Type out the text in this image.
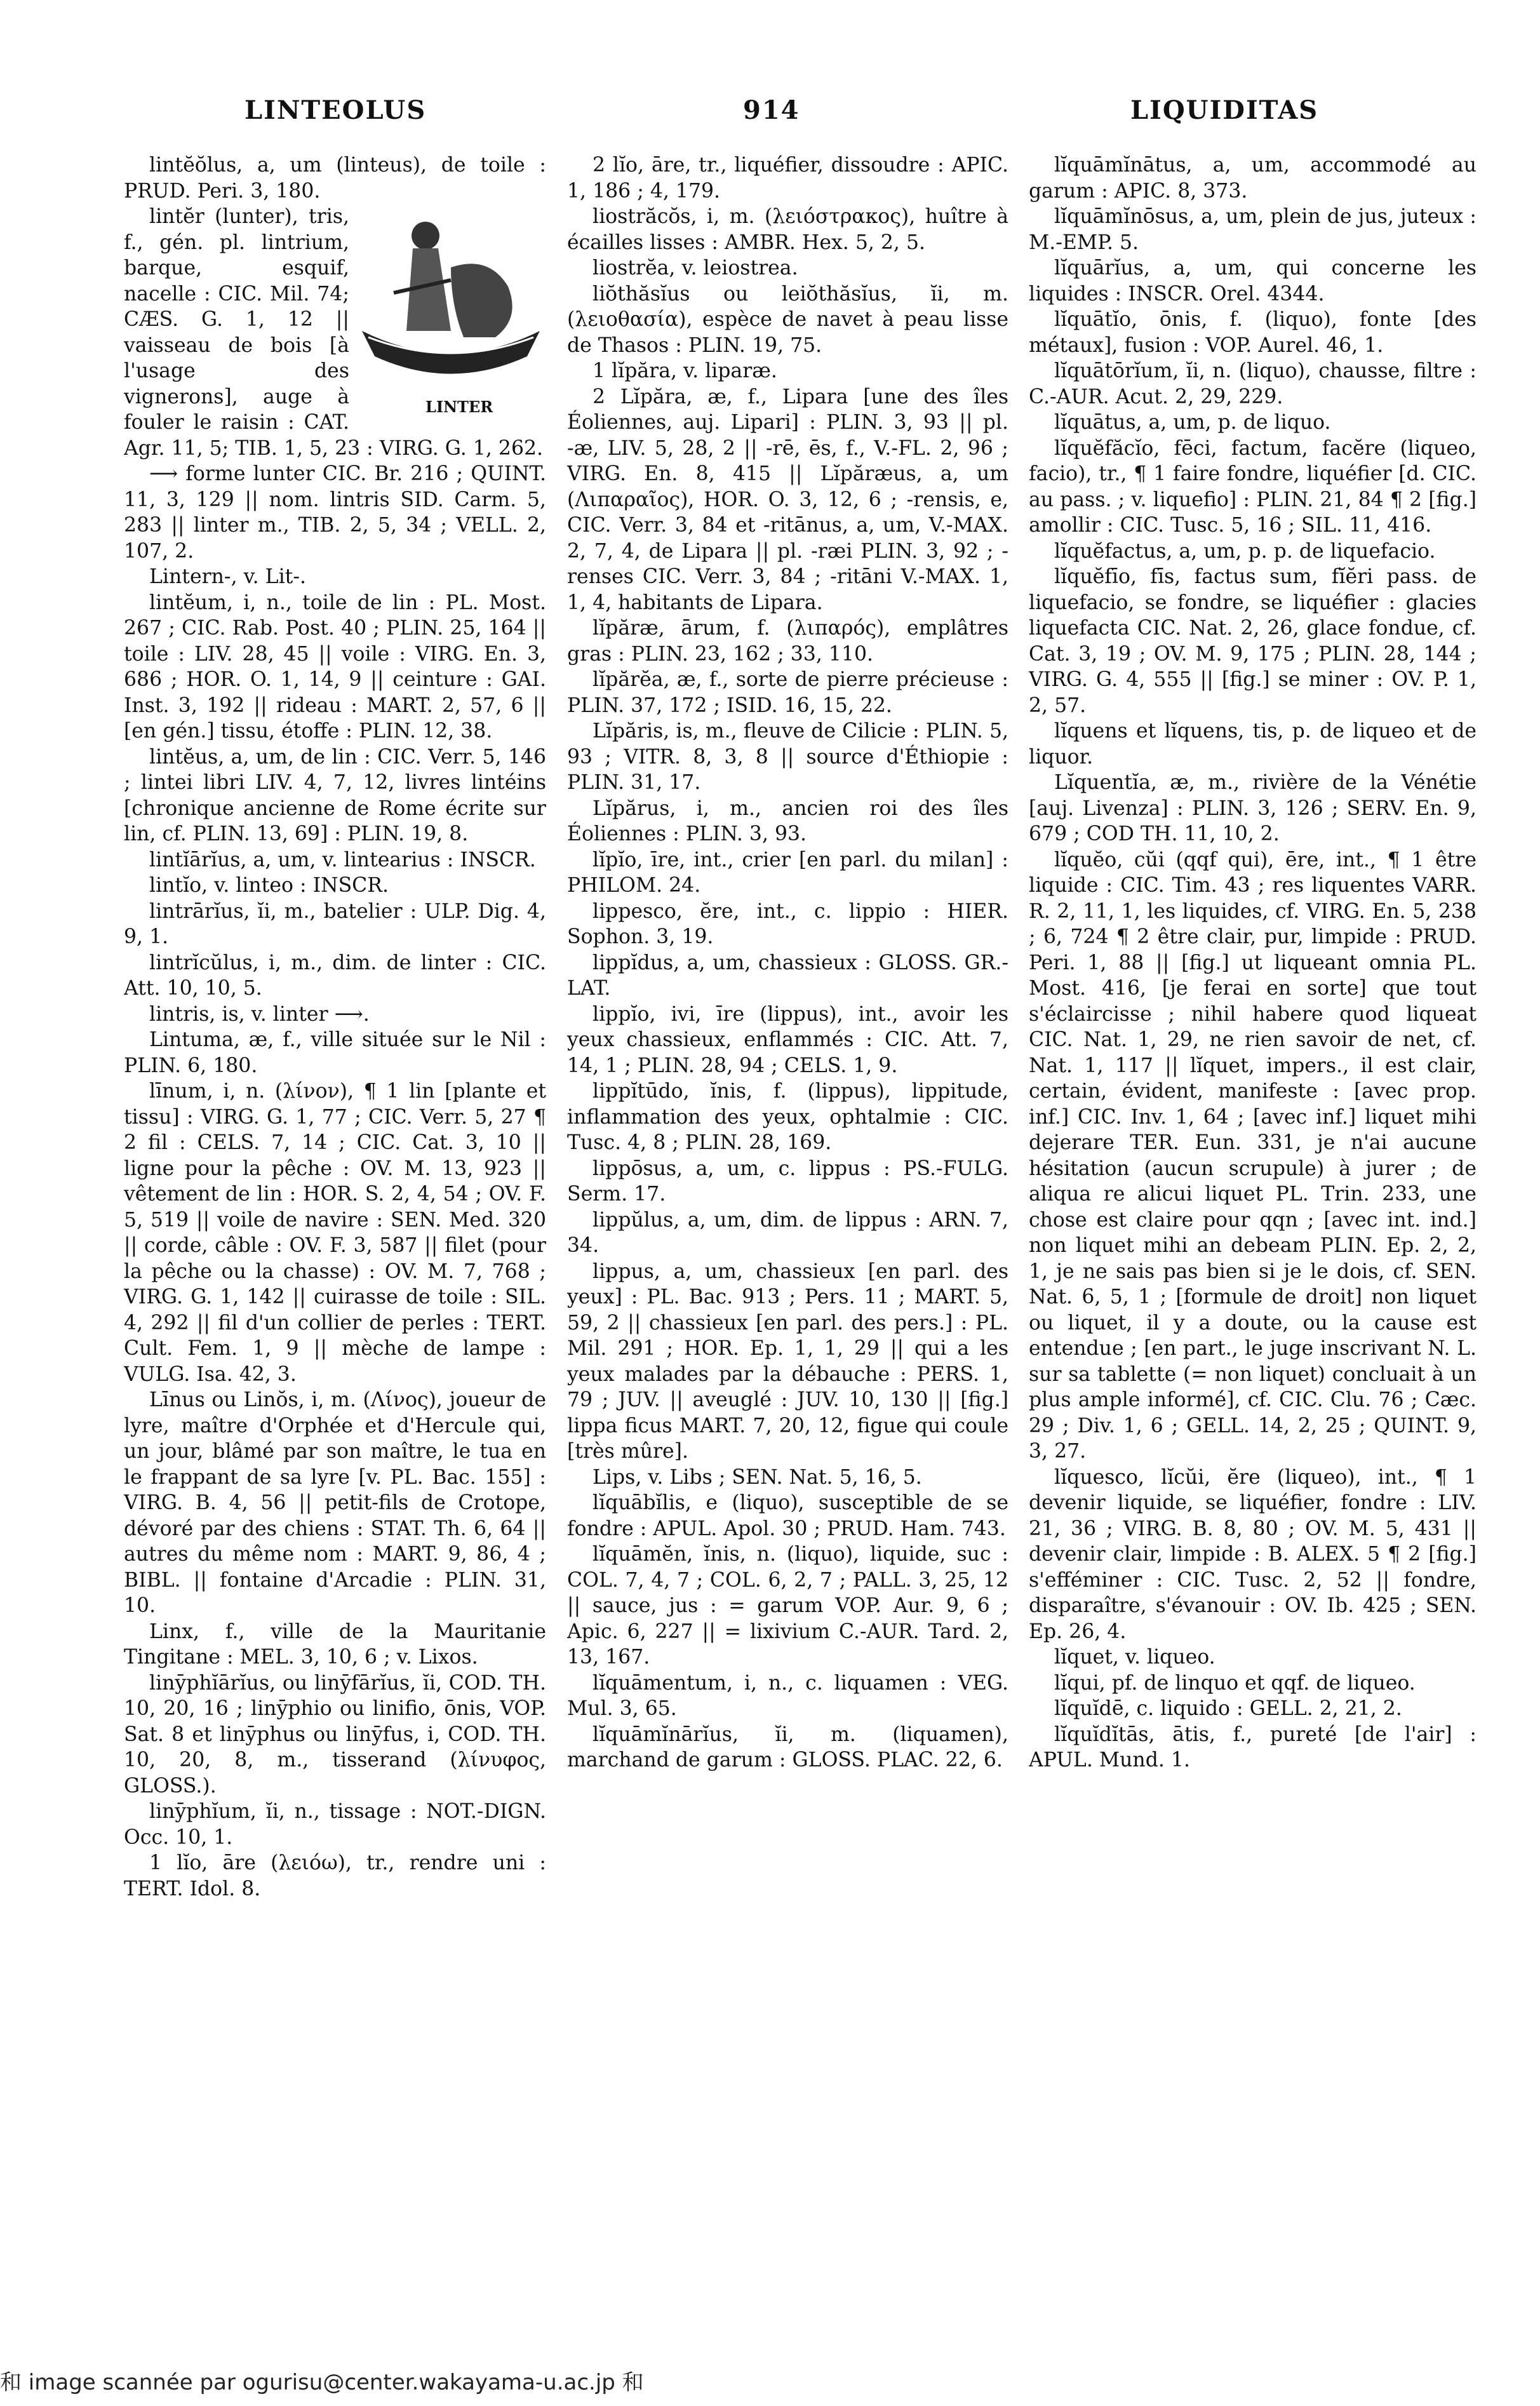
LINTEOLUS	914	LIQUIDITAS

lintĕŏlus, a, um (linteus), de toile : PRUD. Peri. 3, 180.

LINTER

lintĕr (lunter), tris, f., gén. pl. lintrium, barque, esquif, nacelle : CIC. Mil. 74; CÆS. G. 1, 12 || vaisseau de bois [à l'usage des vignerons], auge à fouler le raisin : CAT. Agr. 11, 5; TIB. 1, 5, 23 : VIRG. G. 1, 262.

⟶ forme lunter CIC. Br. 216 ; QUINT. 11, 3, 129 || nom. lintris SID. Carm. 5, 283 || linter m., TIB. 2, 5, 34 ; VELL. 2, 107, 2.

Lintern-, v. Lit-.

lintĕum, i, n., toile de lin : PL. Most. 267 ; CIC. Rab. Post. 40 ; PLIN. 25, 164 || toile : LIV. 28, 45 || voile : VIRG. En. 3, 686 ; HOR. O. 1, 14, 9 || ceinture : GAI. Inst. 3, 192 || rideau : MART. 2, 57, 6 || [en gén.] tissu, étoffe : PLIN. 12, 38.

lintĕus, a, um, de lin : CIC. Verr. 5, 146 ; lintei libri LIV. 4, 7, 12, livres lintéins [chronique ancienne de Rome écrite sur lin, cf. PLIN. 13, 69] : PLIN. 19, 8.

lintĭārĭus, a, um, v. lintearius : INSCR.

lintĭo, v. linteo : INSCR.

lintrārĭus, ĭi, m., batelier : ULP. Dig. 4, 9, 1.

lintrĭcŭlus, i, m., dim. de linter : CIC. Att. 10, 10, 5.

lintris, is, v. linter ⟶.

Lintuma, æ, f., ville située sur le Nil : PLIN. 6, 180.

līnum, i, n. (λίνον), ¶ 1 lin [plante et tissu] : VIRG. G. 1, 77 ; CIC. Verr. 5, 27 ¶ 2 fil : CELS. 7, 14 ; CIC. Cat. 3, 10 || ligne pour la pêche : OV. M. 13, 923 || vêtement de lin : HOR. S. 2, 4, 54 ; OV. F. 5, 519 || voile de navire : SEN. Med. 320 || corde, câble : OV. F. 3, 587 || filet (pour la pêche ou la chasse) : OV. M. 7, 768 ; VIRG. G. 1, 142 || cuirasse de toile : SIL. 4, 292 || fil d'un collier de perles : TERT. Cult. Fem. 1, 9 || mèche de lampe : VULG. Isa. 42, 3.

Līnus ou Linŏs, i, m. (Λίνος), joueur de lyre, maître d'Orphée et d'Hercule qui, un jour, blâmé par son maître, le tua en le frappant de sa lyre [v. PL. Bac. 155] : VIRG. B. 4, 56 || petit-fils de Crotope, dévoré par des chiens : STAT. Th. 6, 64 || autres du même nom : MART. 9, 86, 4 ; BIBL. || fontaine d'Arcadie : PLIN. 31, 10.

Linx, f., ville de la Mauritanie Tingitane : MEL. 3, 10, 6 ; v. Lixos.

linȳphĭārĭus, ou linȳfārĭus, ĭi, COD. TH. 10, 20, 16 ; linȳphio ou linifio, ōnis, VOP. Sat. 8 et linȳphus ou linȳfus, i, COD. TH. 10, 20, 8, m., tisserand (λίνυφος, GLOSS.).

linȳphĭum, ĭi, n., tissage : NOT.-DIGN. Occ. 10, 1.

1 lĭo, āre (λειόω), tr., rendre uni : TERT. Idol. 8.

2 lĭo, āre, tr., liquéfier, dissoudre : APIC. 1, 186 ; 4, 179.

liostrăcŏs, i, m. (λειόστρακος), huître à écailles lisses : AMBR. Hex. 5, 2, 5.

liostrĕa, v. leiostrea.

liŏthăsĭus ou leiŏthăsĭus, ĭi, m. (λειοθασία), espèce de navet à peau lisse de Thasos : PLIN. 19, 75.

1 lĭpăra, v. liparæ.

2 Lĭpăra, æ, f., Lipara [une des îles Éoliennes, auj. Lipari] : PLIN. 3, 93 || pl. -æ, LIV. 5, 28, 2 || -rē, ēs, f., V.-FL. 2, 96 ; VIRG. En. 8, 415 || Lĭpăræus, a, um (Λιπαραῖος), HOR. O. 3, 12, 6 ; -rensis, e, CIC. Verr. 3, 84 et -ritānus, a, um, V.-MAX. 2, 7, 4, de Lipara || pl. -ræi PLIN. 3, 92 ; -renses CIC. Verr. 3, 84 ; -ritāni V.-MAX. 1, 1, 4, habitants de Lipara.

lĭpăræ, ārum, f. (λιπαρός), emplâtres gras : PLIN. 23, 162 ; 33, 110.

lĭpărĕa, æ, f., sorte de pierre précieuse : PLIN. 37, 172 ; ISID. 16, 15, 22.

Lĭpăris, is, m., fleuve de Cilicie : PLIN. 5, 93 ; VITR. 8, 3, 8 || source d'Éthiopie : PLIN. 31, 17.

Lĭpărus, i, m., ancien roi des îles Éoliennes : PLIN. 3, 93.

lĭpĭo, īre, int., crier [en parl. du milan] : PHILOM. 24.

lippesco, ĕre, int., c. lippio : HIER. Sophon. 3, 19.

lippĭdus, a, um, chassieux : GLOSS. GR.-LAT.

lippĭo, ivi, īre (lippus), int., avoir les yeux chassieux, enflammés : CIC. Att. 7, 14, 1 ; PLIN. 28, 94 ; CELS. 1, 9.

lippĭtūdo, ĭnis, f. (lippus), lippitude, inflammation des yeux, ophtalmie : CIC. Tusc. 4, 8 ; PLIN. 28, 169.

lippōsus, a, um, c. lippus : PS.-FULG. Serm. 17.

lippŭlus, a, um, dim. de lippus : ARN. 7, 34.

lippus, a, um, chassieux [en parl. des yeux] : PL. Bac. 913 ; Pers. 11 ; MART. 5, 59, 2 || chassieux [en parl. des pers.] : PL. Mil. 291 ; HOR. Ep. 1, 1, 29 || qui a les yeux malades par la débauche : PERS. 1, 79 ; JUV. || aveuglé : JUV. 10, 130 || [fig.] lippa ficus MART. 7, 20, 12, figue qui coule [très mûre].

Lips, v. Libs ; SEN. Nat. 5, 16, 5.

lĭquābĭlis, e (liquo), susceptible de se fondre : APUL. Apol. 30 ; PRUD. Ham. 743.

lĭquāmĕn, ĭnis, n. (liquo), liquide, suc : COL. 7, 4, 7 ; COL. 6, 2, 7 ; PALL. 3, 25, 12 || sauce, jus : = garum VOP. Aur. 9, 6 ; Apic. 6, 227 || = lixivium C.-AUR. Tard. 2, 13, 167.

lĭquāmentum, i, n., c. liquamen : VEG. Mul. 3, 65.

lĭquāmĭnārĭus, ĭi, m. (liquamen), marchand de garum : GLOSS. PLAC. 22, 6.

lĭquāmĭnātus, a, um, accommodé au garum : APIC. 8, 373.

lĭquāmĭnōsus, a, um, plein de jus, juteux : M.-EMP. 5.

lĭquārĭus, a, um, qui concerne les liquides : INSCR. Orel. 4344.

lĭquātĭo, ōnis, f. (liquo), fonte [des métaux], fusion : VOP. Aurel. 46, 1.

lĭquātōrĭum, ĭi, n. (liquo), chausse, filtre : C.-AUR. Acut. 2, 29, 229.

lĭquātus, a, um, p. de liquo.

lĭquĕfăcĭo, fēci, factum, facĕre (liqueo, facio), tr., ¶ 1 faire fondre, liquéfier [d. CIC. au pass. ; v. liquefio] : PLIN. 21, 84 ¶ 2 [fig.] amollir : CIC. Tusc. 5, 16 ; SIL. 11, 416.

lĭquĕfactus, a, um, p. p. de liquefacio.

lĭquĕfīo, fīs, factus sum, fĭĕri pass. de liquefacio, se fondre, se liquéfier : glacies liquefacta CIC. Nat. 2, 26, glace fondue, cf. Cat. 3, 19 ; OV. M. 9, 175 ; PLIN. 28, 144 ; VIRG. G. 4, 555 || [fig.] se miner : OV. P. 1, 2, 57.

lĭquens et lĭquens, tis, p. de liqueo et de liquor.

Lĭquentĭa, æ, m., rivière de la Vénétie [auj. Livenza] : PLIN. 3, 126 ; SERV. En. 9, 679 ; COD TH. 11, 10, 2.

lĭquĕo, cŭi (qqf qui), ēre, int., ¶ 1 être liquide : CIC. Tim. 43 ; res liquentes VARR. R. 2, 11, 1, les liquides, cf. VIRG. En. 5, 238 ; 6, 724 ¶ 2 être clair, pur, limpide : PRUD. Peri. 1, 88 || [fig.] ut liqueant omnia PL. Most. 416, [je ferai en sorte] que tout s'éclaircisse ; nihil habere quod liqueat CIC. Nat. 1, 29, ne rien savoir de net, cf. Nat. 1, 117 || lĭquet, impers., il est clair, certain, évident, manifeste : [avec prop. inf.] CIC. Inv. 1, 64 ; [avec inf.] liquet mihi dejerare TER. Eun. 331, je n'ai aucune hésitation (aucun scrupule) à jurer ; de aliqua re alicui liquet PL. Trin. 233, une chose est claire pour qqn ; [avec int. ind.] non liquet mihi an debeam PLIN. Ep. 2, 2, 1, je ne sais pas bien si je le dois, cf. SEN. Nat. 6, 5, 1 ; [formule de droit] non liquet ou liquet, il y a doute, ou la cause est entendue ; [en part., le juge inscrivant N. L. sur sa tablette (= non liquet) concluait à un plus ample informé], cf. CIC. Clu. 76 ; Cæc. 29 ; Div. 1, 6 ; GELL. 14, 2, 25 ; QUINT. 9, 3, 27.

lĭquesco, lĭcŭi, ĕre (liqueo), int., ¶ 1 devenir liquide, se liquéfier, fondre : LIV. 21, 36 ; VIRG. B. 8, 80 ; OV. M. 5, 431 || devenir clair, limpide : B. ALEX. 5 ¶ 2 [fig.] s'efféminer : CIC. Tusc. 2, 52 || fondre, disparaître, s'évanouir : OV. Ib. 425 ; SEN. Ep. 26, 4.

lĭquet, v. liqueo.

lĭqui, pf. de linquo et qqf. de liqueo.

lĭquĭdē, c. liquido : GELL. 2, 21, 2.

lĭquĭdĭtās, ātis, f., pureté [de l'air] : APUL. Mund. 1.

和 image scannée par ogurisu@center.wakayama-u.ac.jp 和
